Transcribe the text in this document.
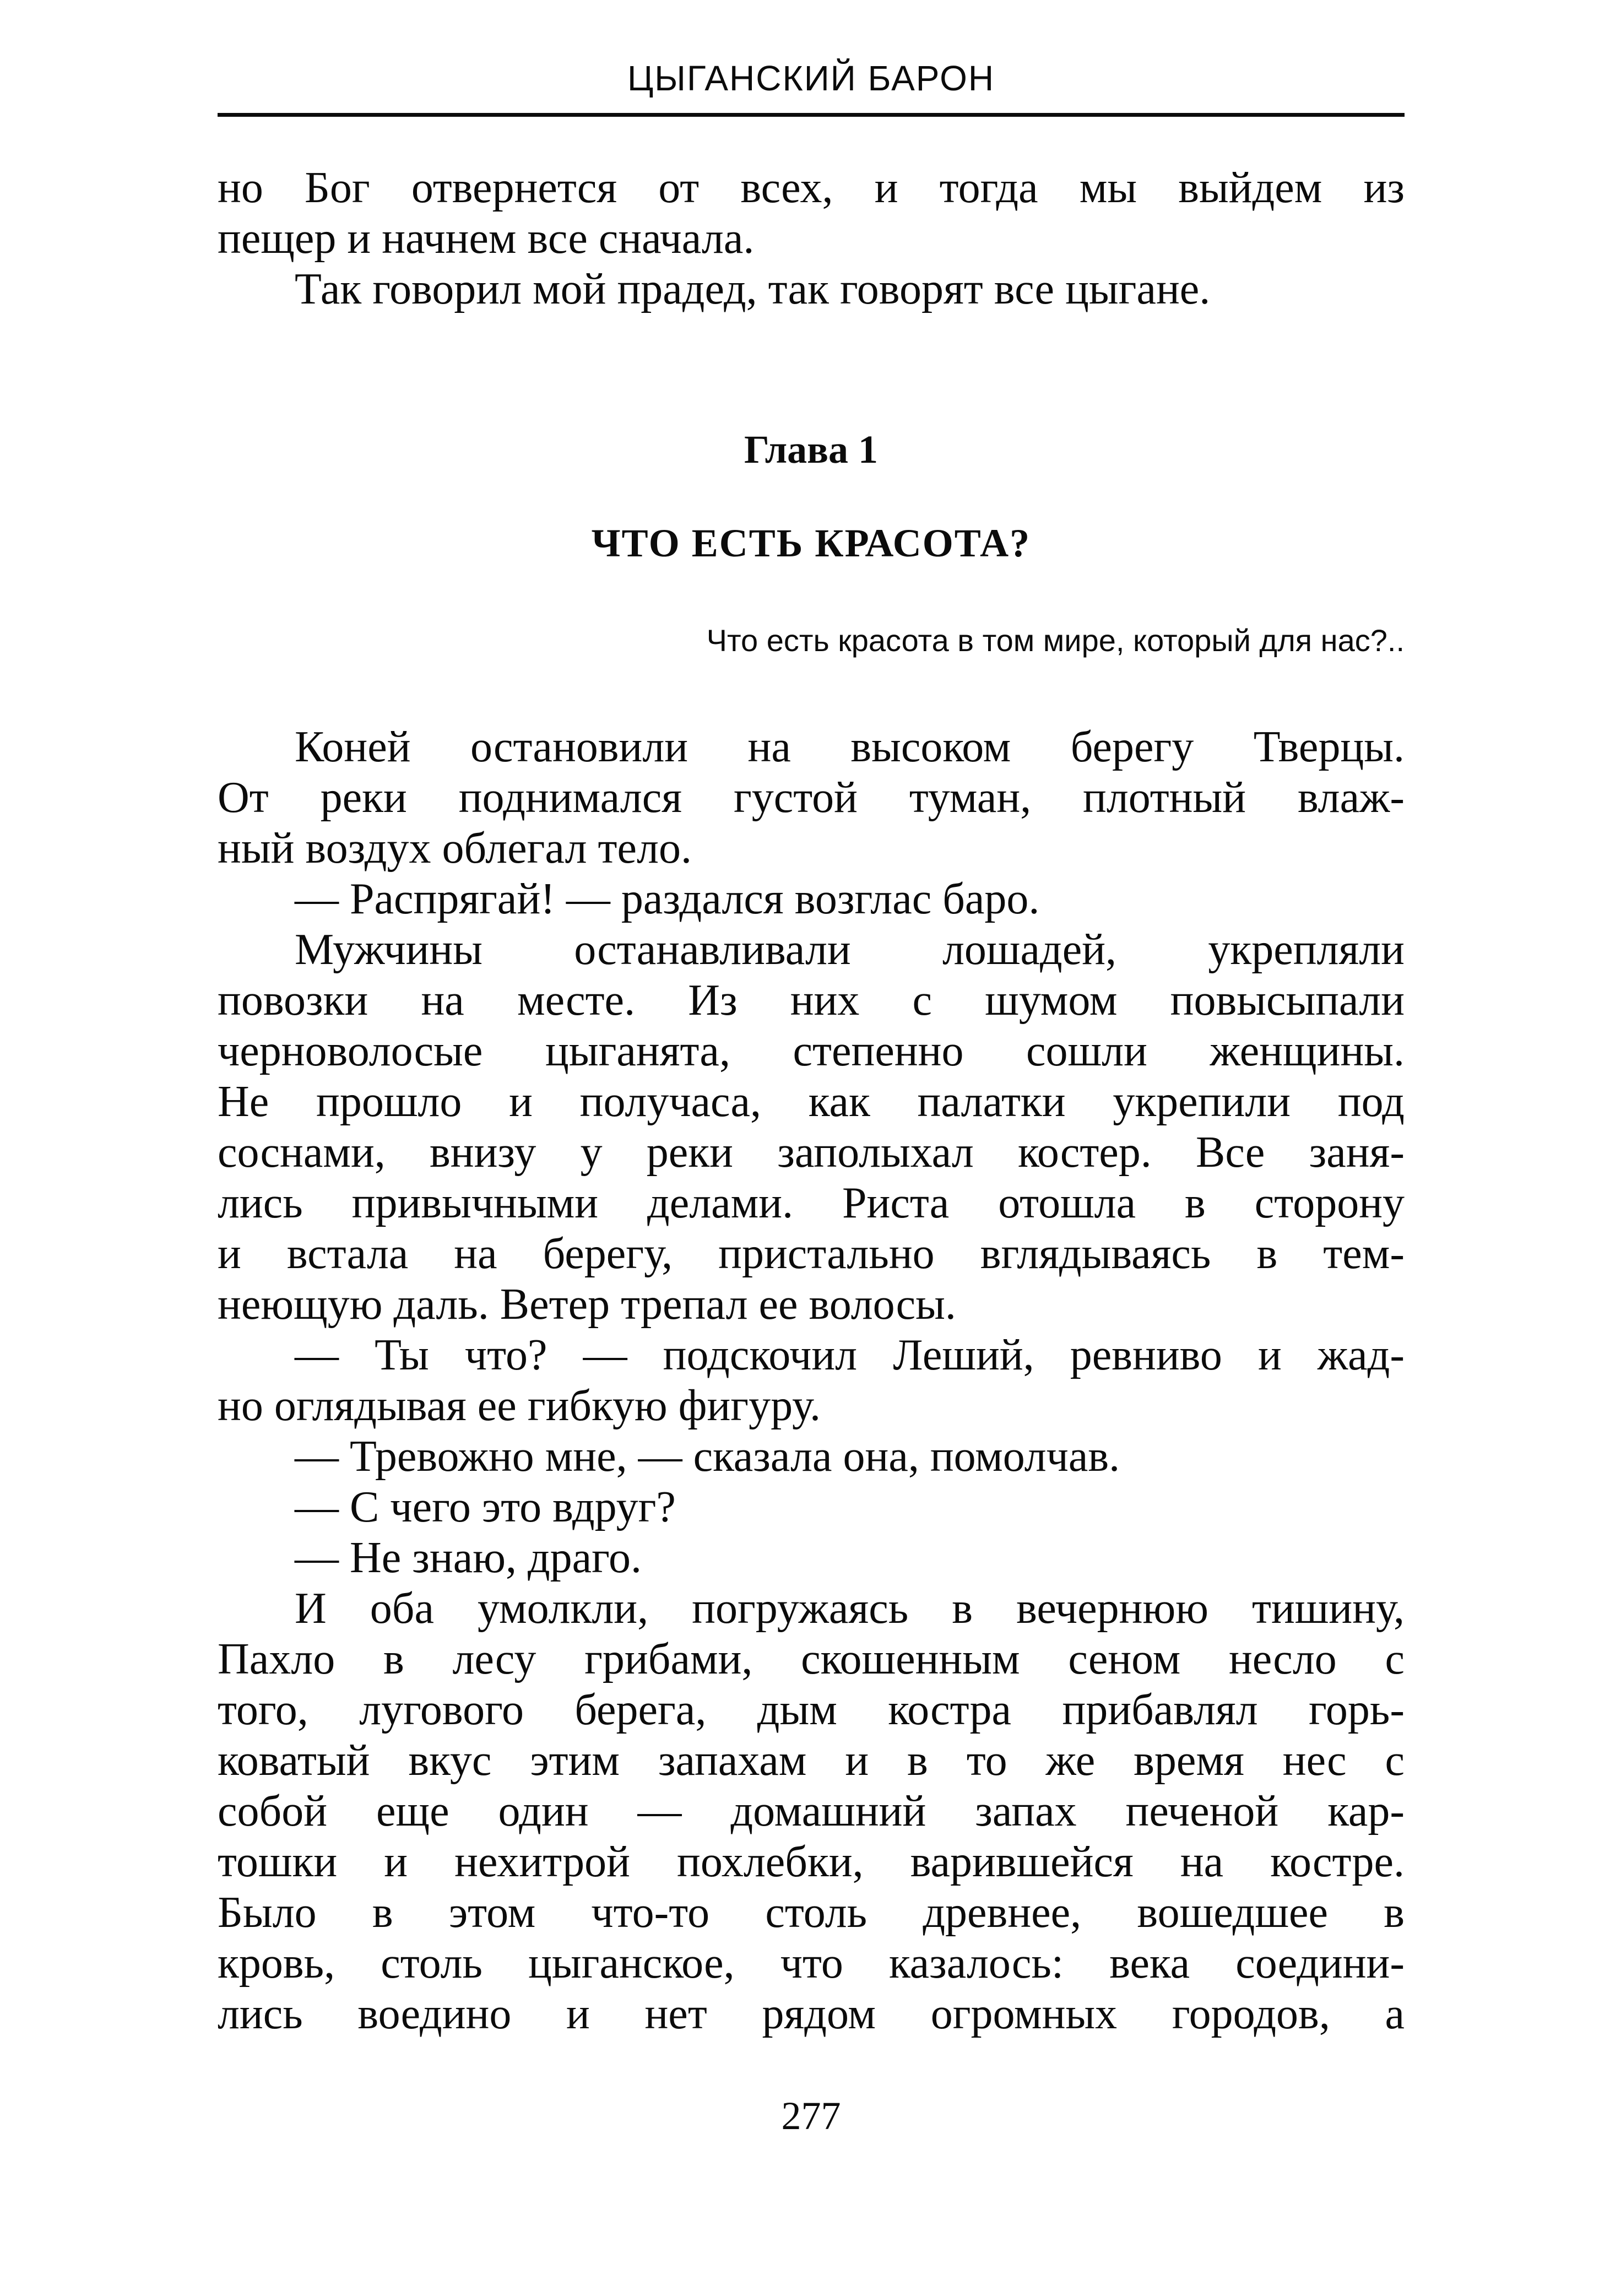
ЦЫГАНСКИЙ БАРОН

но Бог отвернется от всех, и тогда мы выйдем из
пещер и начнем все сначала.

Так говорил мой прадед, так говорят все цыгане.

Глава 1
ЧТО ЕСТЬ КРАСОТА?
Что есть красота в том мире, который для нас?..

Коней остановили на высоком берегу Тверцы.
От реки поднимался густой туман, плотный влаж-
ный воздух облегал тело.

— Распрягай! — раздался возглас баро.

Мужчины останавливали лошадей, укрепляли
повозки на месте. Из них с шумом повысыпали
черноволосые цыганята, степенно сошли женщины.
Не прошло и получаса, как палатки укрепили под
соснами, внизу у реки заполыхал костер. Все заня-
лись привычными делами. Риста отошла в сторону
и встала на берегу, пристально вглядываясь в тем-
неющую даль. Ветер трепал ее волосы.

— Ты что? — подскочил Леший, ревниво и жад-
но оглядывая ее гибкую фигуру.

— Тревожно мне, — сказала она, помолчав.

— С чего это вдруг?

— Не знаю, драго.

И оба умолкли, погружаясь в вечернюю тишину,
Пахло в лесу грибами, скошенным сеном несло с
того, лугового берега, дым костра прибавлял горь-
коватый вкус этим запахам и в то же время нес с
собой еще один — домашний запах печеной кар-
тошки и нехитрой похлебки, варившейся на костре.
Было в этом что-то столь древнее, вошедшее в
кровь, столь цыганское, что казалось: века соедини-
лись воедино и нет рядом огромных городов, а

277
